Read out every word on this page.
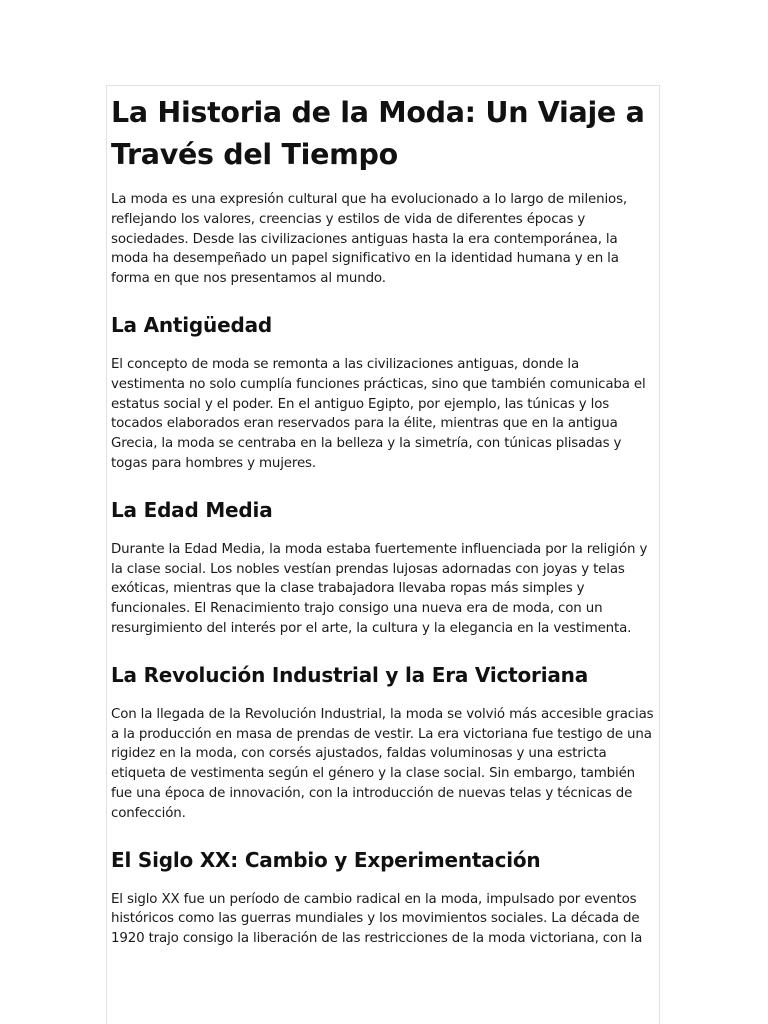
La Historia de la Moda: Un Viaje a Través del Tiempo

La moda es una expresión cultural que ha evolucionado a lo largo de milenios, reflejando los valores, creencias y estilos de vida de diferentes épocas y sociedades. Desde las civilizaciones antiguas hasta la era contemporánea, la moda ha desempeñado un papel significativo en la identidad humana y en la forma en que nos presentamos al mundo.

La Antigüedad

El concepto de moda se remonta a las civilizaciones antiguas, donde la vestimenta no solo cumplía funciones prácticas, sino que también comunicaba el estatus social y el poder. En el antiguo Egipto, por ejemplo, las túnicas y los tocados elaborados eran reservados para la élite, mientras que en la antigua Grecia, la moda se centraba en la belleza y la simetría, con túnicas plisadas y togas para hombres y mujeres.

La Edad Media

Durante la Edad Media, la moda estaba fuertemente influenciada por la religión y la clase social. Los nobles vestían prendas lujosas adornadas con joyas y telas exóticas, mientras que la clase trabajadora llevaba ropas más simples y funcionales. El Renacimiento trajo consigo una nueva era de moda, con un resurgimiento del interés por el arte, la cultura y la elegancia en la vestimenta.

La Revolución Industrial y la Era Victoriana

Con la llegada de la Revolución Industrial, la moda se volvió más accesible gracias a la producción en masa de prendas de vestir. La era victoriana fue testigo de una rigidez en la moda, con corsés ajustados, faldas voluminosas y una estricta etiqueta de vestimenta según el género y la clase social. Sin embargo, también fue una época de innovación, con la introducción de nuevas telas y técnicas de confección.

El Siglo XX: Cambio y Experimentación

El siglo XX fue un período de cambio radical en la moda, impulsado por eventos históricos como las guerras mundiales y los movimientos sociales. La década de 1920 trajo consigo la liberación de las restricciones de la moda victoriana, con la
